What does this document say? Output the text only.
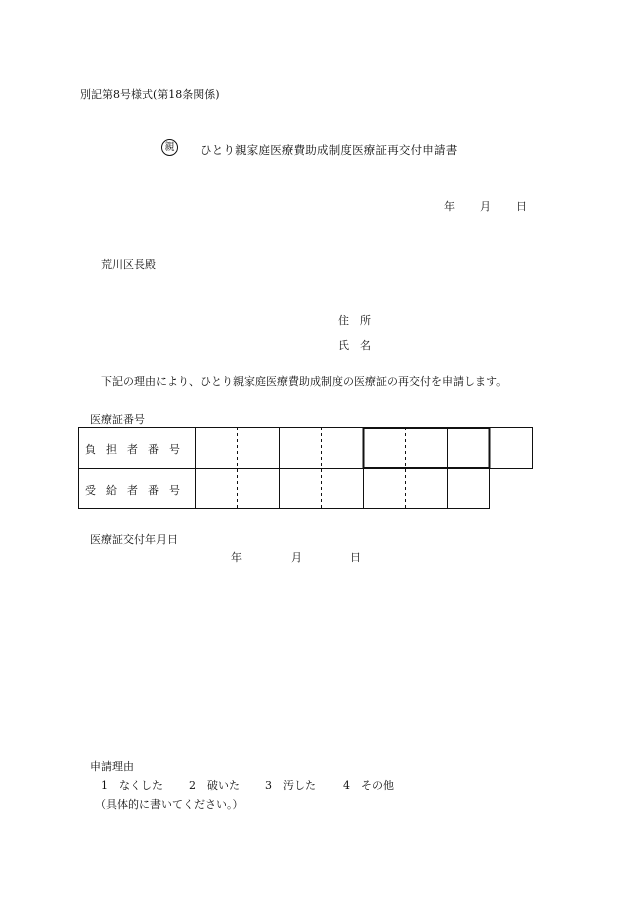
別記第8号様式(第18条関係)
親	ひとり親家庭医療費助成制度医療証再交付申請書
年 月 日
荒川区長殿
住　所
氏　名
下記の理由により、ひとり親家庭医療費助成制度の医療証の再交付を申請します。
医療証番号
負担者番号
受給者番号
医療証交付年月日
年	月	日
申請理由
1　なくした 2　破いた 3　汚した 4　その他
（具体的に書いてください。）
